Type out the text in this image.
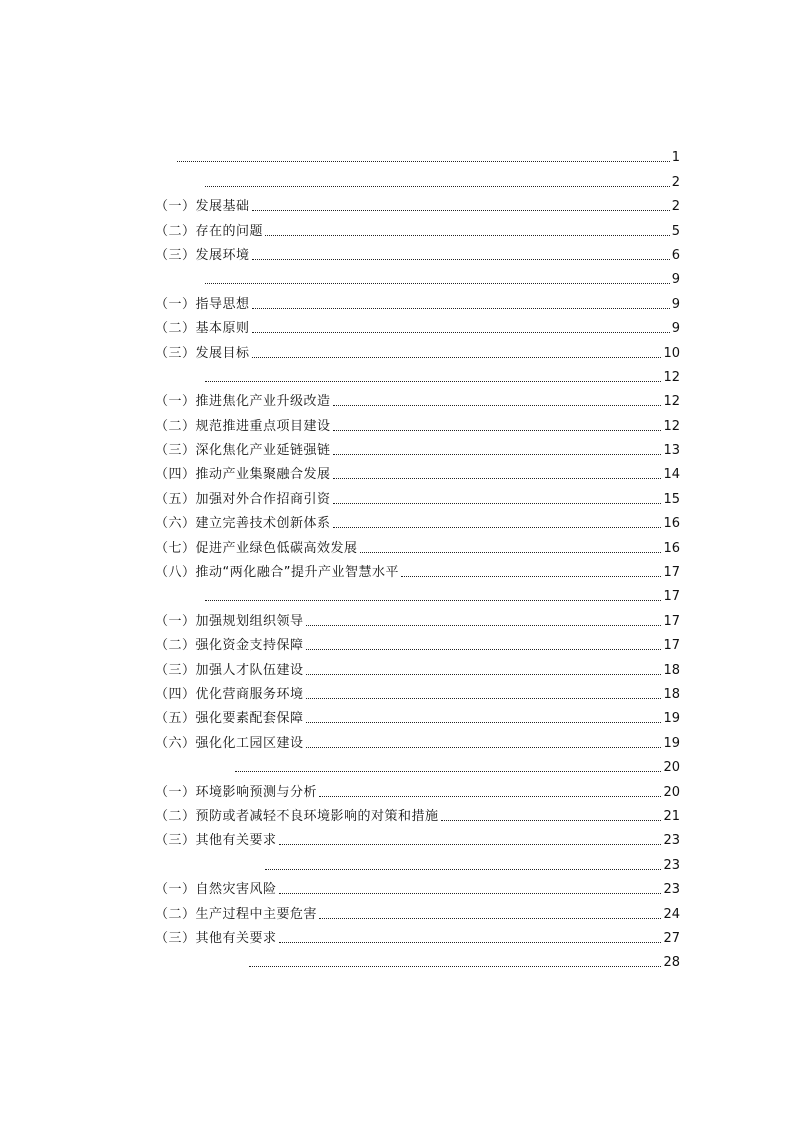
1
2
（一）发展基础	2
（二）存在的问题	5
（三）发展环境	6
9
（一）指导思想	9
（二）基本原则	9
（三）发展目标	10
12
（一）推进焦化产业升级改造	12
（二）规范推进重点项目建设	12
（三）深化焦化产业延链强链	13
（四）推动产业集聚融合发展	14
（五）加强对外合作招商引资	15
（六）建立完善技术创新体系	16
（七）促进产业绿色低碳高效发展	16
（八）推动“两化融合”提升产业智慧水平	17
17
（一）加强规划组织领导	17
（二）强化资金支持保障	17
（三）加强人才队伍建设	18
（四）优化营商服务环境	18
（五）强化要素配套保障	19
（六）强化化工园区建设	19
20
（一）环境影响预测与分析	20
（二）预防或者减轻不良环境影响的对策和措施	21
（三）其他有关要求	23
23
（一）自然灾害风险	23
（二）生产过程中主要危害	24
（三）其他有关要求	27
28
